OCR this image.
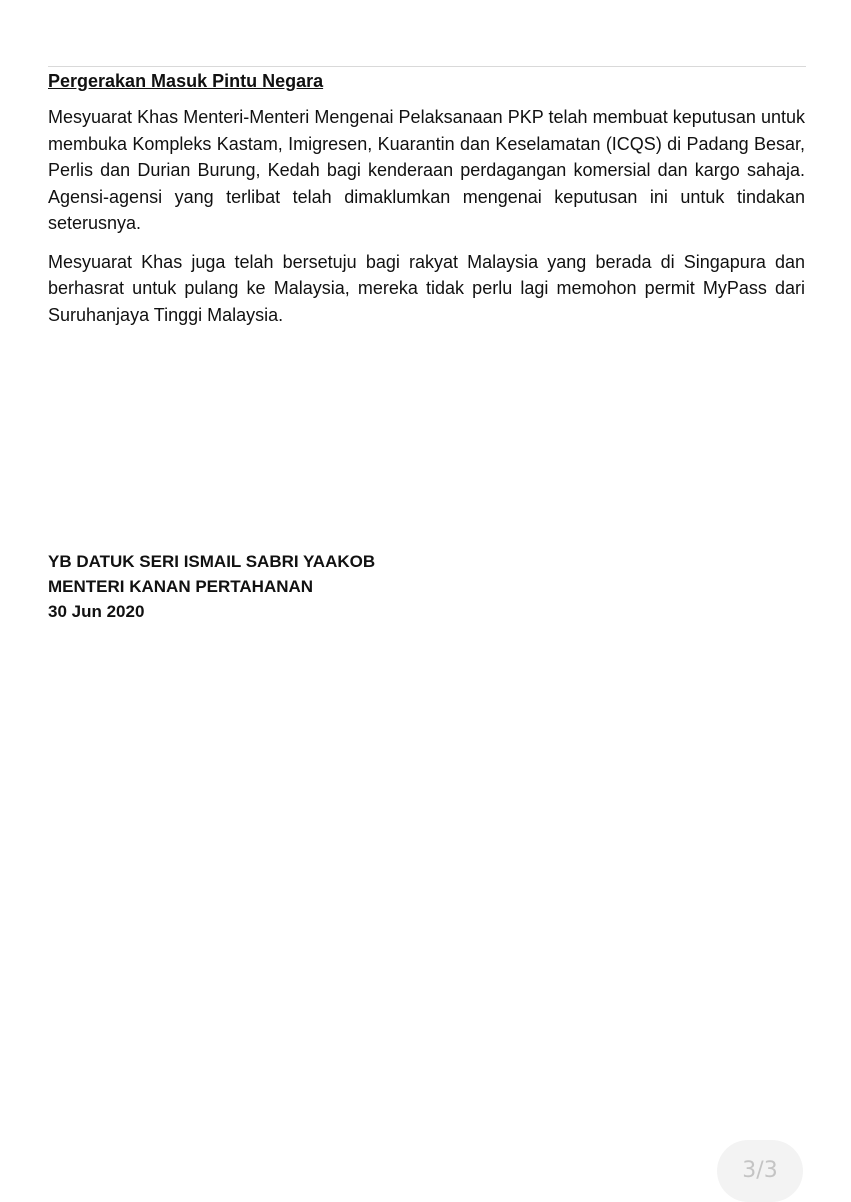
Pergerakan Masuk Pintu Negara

Mesyuarat Khas Menteri-Menteri Mengenai Pelaksanaan PKP telah membuat keputusan untuk membuka Kompleks Kastam, Imigresen, Kuarantin dan Keselamatan (ICQS) di Padang Besar, Perlis dan Durian Burung, Kedah bagi kenderaan perdagangan komersial dan kargo sahaja. Agensi-agensi yang terlibat telah dimaklumkan mengenai keputusan ini untuk tindakan seterusnya.

Mesyuarat Khas juga telah bersetuju bagi rakyat Malaysia yang berada di Singapura dan berhasrat untuk pulang ke Malaysia, mereka tidak perlu lagi memohon permit MyPass dari Suruhanjaya Tinggi Malaysia.

YB DATUK SERI ISMAIL SABRI YAAKOB
MENTERI KANAN PERTAHANAN
30 Jun 2020
3/3
